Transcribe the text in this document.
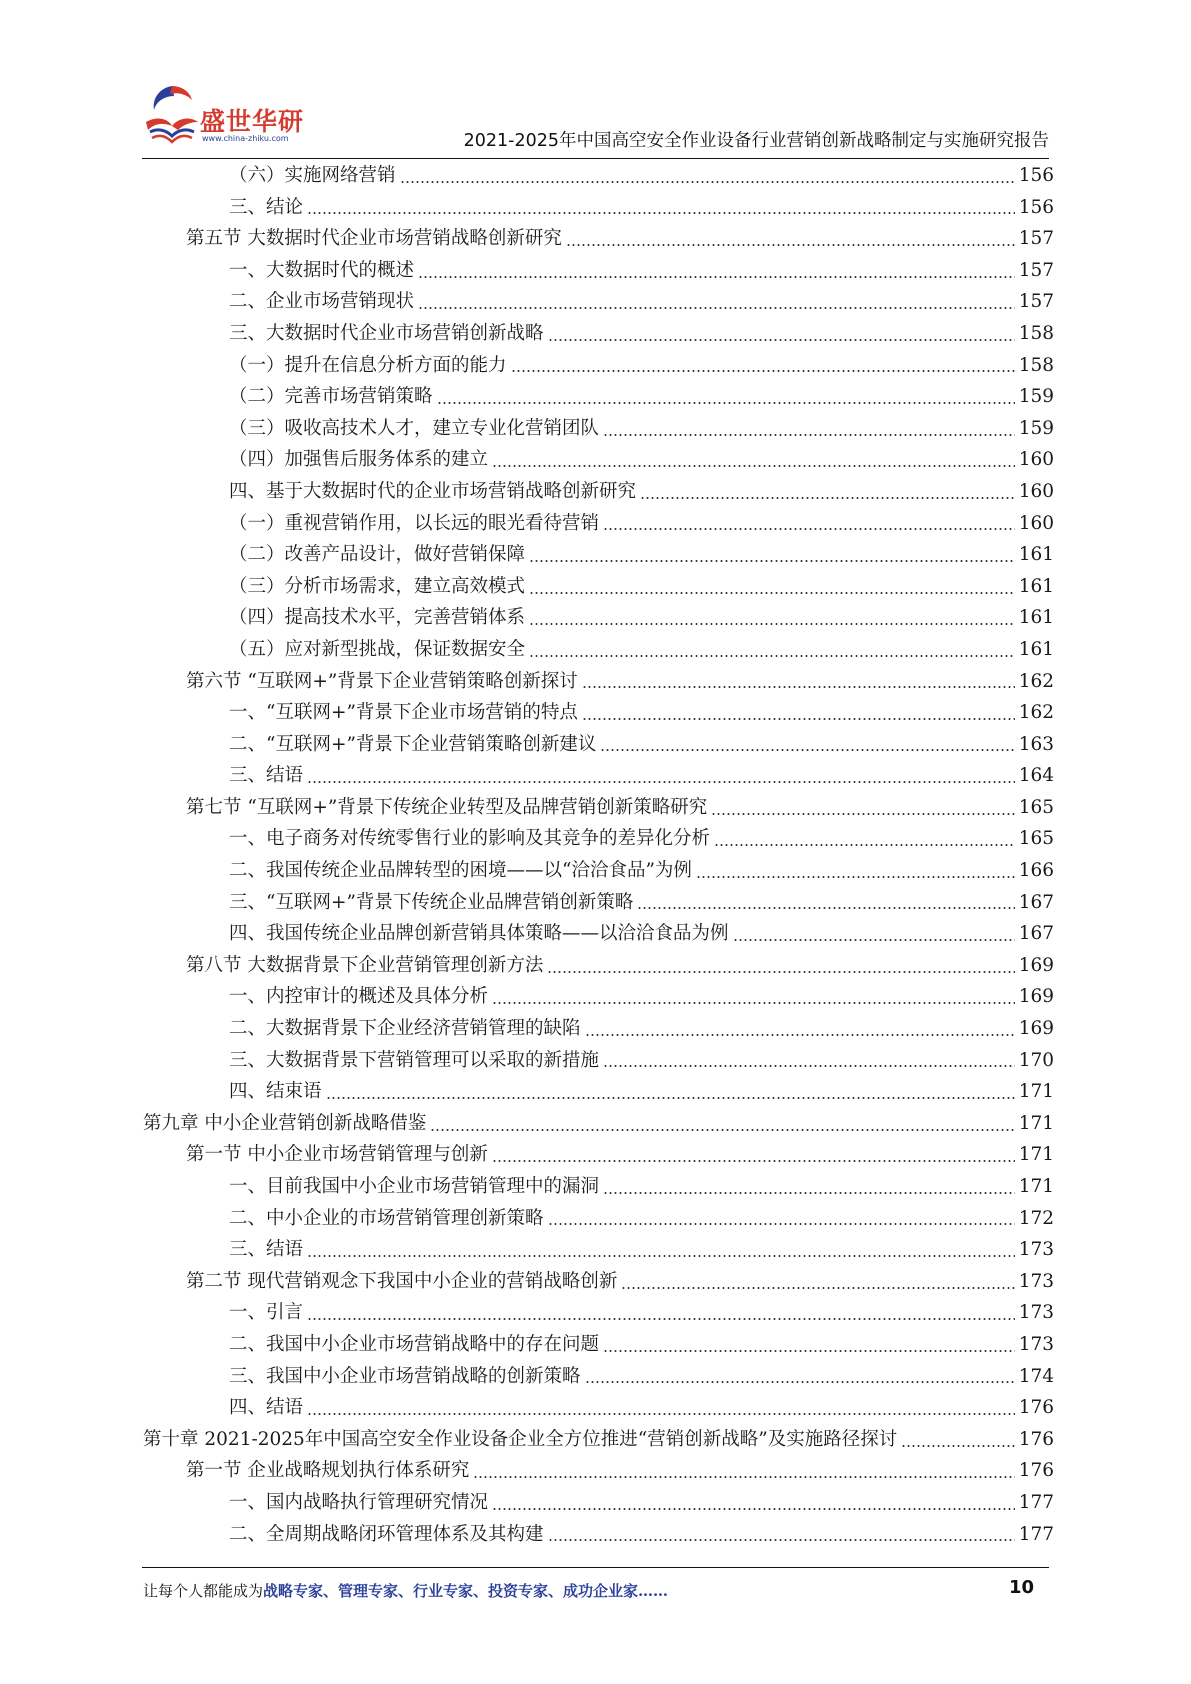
盛世华研
www.china-zhiku.com	2021-2025年中国高空安全作业设备行业营销创新战略制定与实施研究报告
（六）实施网络营销	156
三、结论	156
第五节 大数据时代企业市场营销战略创新研究	157
一、大数据时代的概述	157
二、企业市场营销现状	157
三、大数据时代企业市场营销创新战略	158
（一）提升在信息分析方面的能力	158
（二）完善市场营销策略	159
（三）吸收高技术人才，建立专业化营销团队	159
（四）加强售后服务体系的建立	160
四、基于大数据时代的企业市场营销战略创新研究	160
（一）重视营销作用，以长远的眼光看待营销	160
（二）改善产品设计，做好营销保障	161
（三）分析市场需求，建立高效模式	161
（四）提高技术水平，完善营销体系	161
（五）应对新型挑战，保证数据安全	161
第六节 “互联网+”背景下企业营销策略创新探讨	162
一、“互联网+”背景下企业市场营销的特点	162
二、“互联网+”背景下企业营销策略创新建议	163
三、结语	164
第七节 “互联网+”背景下传统企业转型及品牌营销创新策略研究	165
一、电子商务对传统零售行业的影响及其竞争的差异化分析	165
二、我国传统企业品牌转型的困境——以“洽洽食品”为例	166
三、“互联网+”背景下传统企业品牌营销创新策略	167
四、我国传统企业品牌创新营销具体策略——以洽洽食品为例	167
第八节 大数据背景下企业营销管理创新方法	169
一、内控审计的概述及具体分析	169
二、大数据背景下企业经济营销管理的缺陷	169
三、大数据背景下营销管理可以采取的新措施	170
四、结束语	171
第九章 中小企业营销创新战略借鉴	171
第一节 中小企业市场营销管理与创新	171
一、目前我国中小企业市场营销管理中的漏洞	171
二、中小企业的市场营销管理创新策略	172
三、结语	173
第二节 现代营销观念下我国中小企业的营销战略创新	173
一、引言	173
二、我国中小企业市场营销战略中的存在问题	173
三、我国中小企业市场营销战略的创新策略	174
四、结语	176
第十章 2021-2025年中国高空安全作业设备企业全方位推进“营销创新战略”及实施路径探讨	176
第一节 企业战略规划执行体系研究	176
一、国内战略执行管理研究情况	177
二、全周期战略闭环管理体系及其构建	177
让每个人都能成为战略专家、管理专家、行业专家、投资专家、成功企业家……	10
